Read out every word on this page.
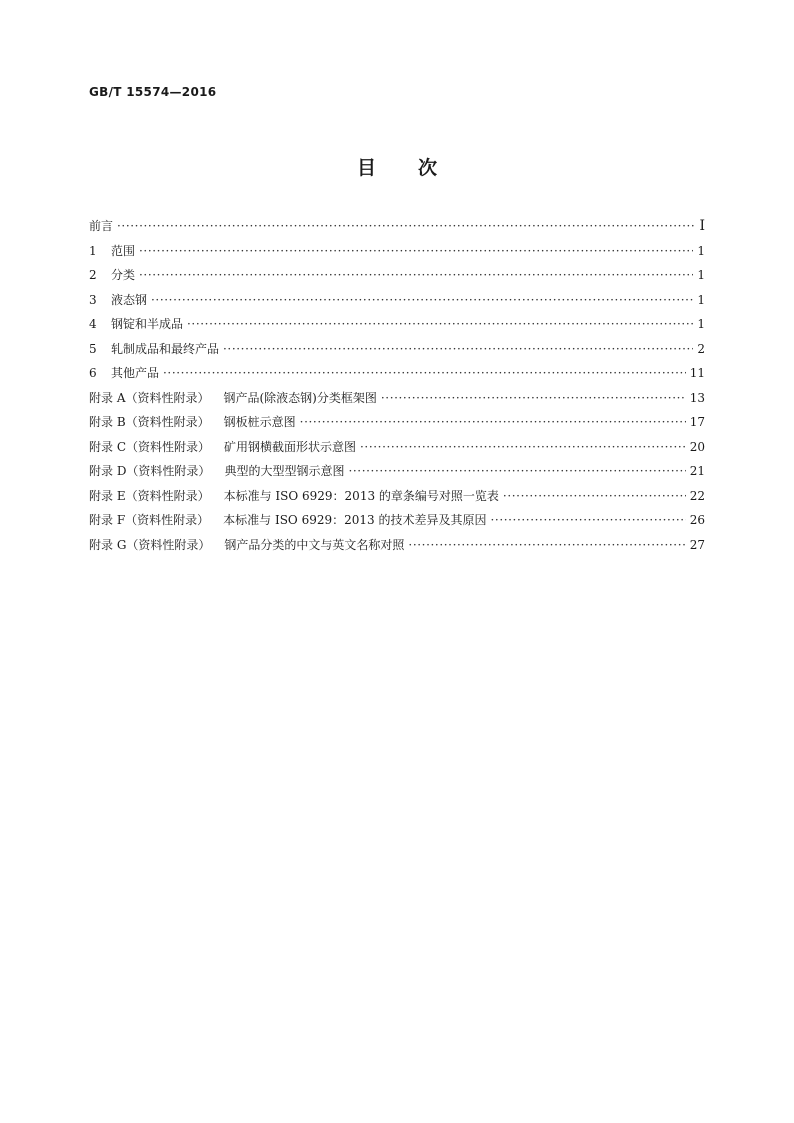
GB/T 15574—2016
目次
前言 ·····	Ⅰ
1	范围 ·····	1
2	分类 ·····	1
3	液态钢 ·····	1
4	钢锭和半成品 ·····	1
5	轧制成品和最终产品 ·····	2
6	其他产品 ·····	11
附录 A（资料性附录） 钢产品(除液态钢)分类框架图 ·····	13
附录 B（资料性附录） 钢板桩示意图 ·····	17
附录 C（资料性附录） 矿用钢横截面形状示意图 ·····	20
附录 D（资料性附录） 典型的大型型钢示意图 ·····	21
附录 E（资料性附录） 本标准与 ISO 6929：2013 的章条编号对照一览表 ·····	22
附录 F（资料性附录） 本标准与 ISO 6929：2013 的技术差异及其原因 ·····	26
附录 G（资料性附录） 钢产品分类的中文与英文名称对照 ·····	27
